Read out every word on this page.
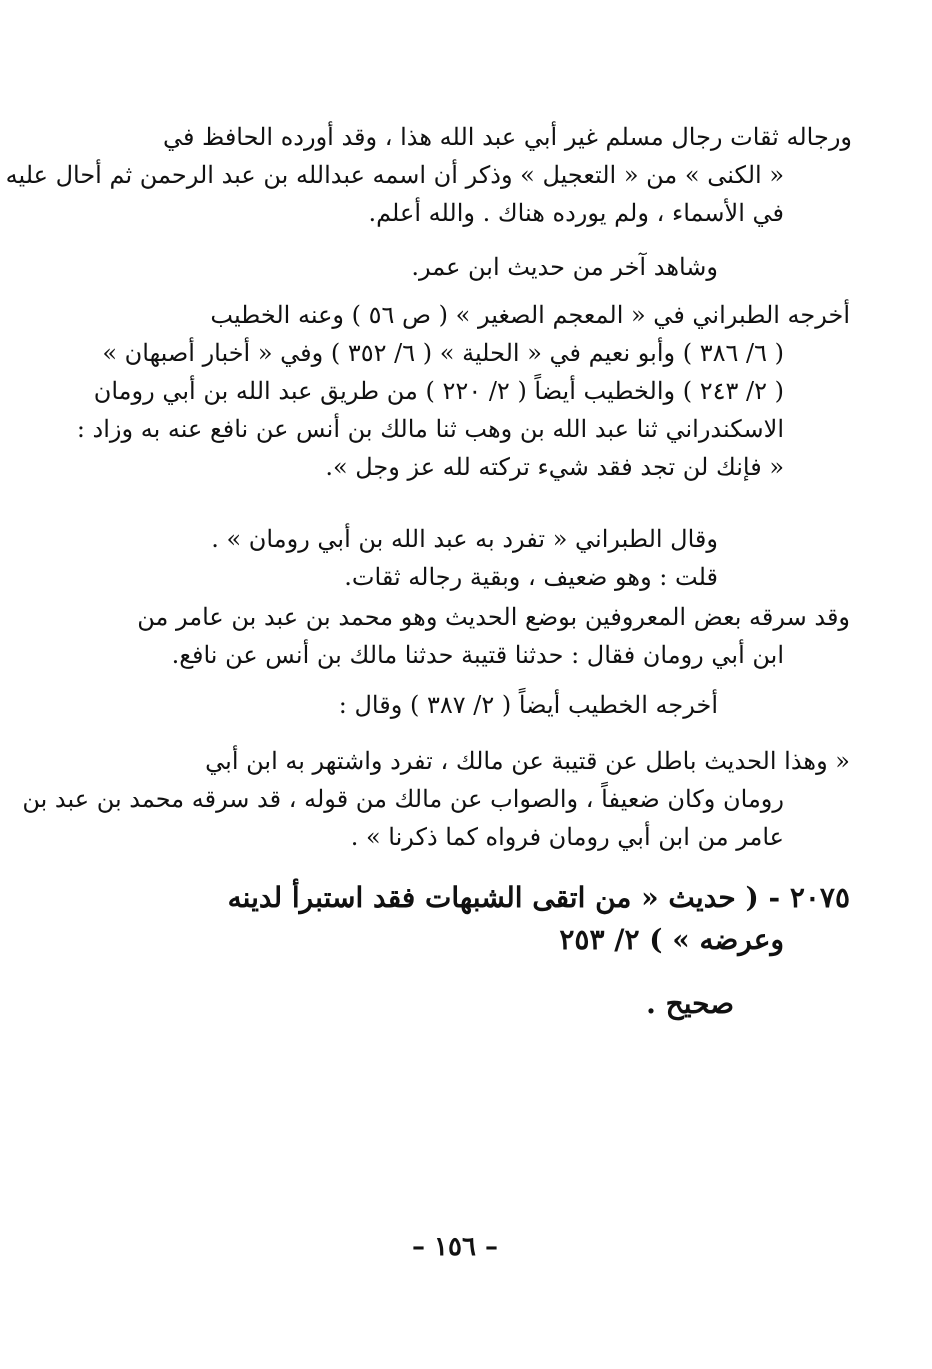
ورجاله ثقات رجال مسلم غير أبي عبد الله هذا ، وقد أورده الحافظ في
« الكنى » من « التعجيل » وذكر أن اسمه عبدالله بن عبد الرحمن ثم أحال عليه
في الأسماء ، ولم يورده هناك . والله أعلم.
وشاهد آخر من حديث ابن عمر.
أخرجه الطبراني في « المعجم الصغير » ( ص ٥٦ ) وعنه الخطيب
( ٦/ ٣٨٦ ) وأبو نعيم في « الحلية » ( ٦/ ٣٥٢ ) وفي « أخبار أصبهان »
( ٢/ ٢٤٣ ) والخطيب أيضاً ( ٢/ ٢٢٠ ) من طريق عبد الله بن أبي رومان
الاسكندراني ثنا عبد الله بن وهب ثنا مالك بن أنس عن نافع عنه به وزاد :
« فإنك لن تجد فقد شيء تركته لله عز وجل ».
وقال الطبراني « تفرد به عبد الله بن أبي رومان » .
قلت : وهو ضعيف ، وبقية رجاله ثقات.
وقد سرقه بعض المعروفين بوضع الحديث وهو محمد بن عبد بن عامر من
ابن أبي رومان فقال : حدثنا قتيبة حدثنا مالك بن أنس عن نافع.
أخرجه الخطيب أيضاً ( ٢/ ٣٨٧ ) وقال :
« وهذا الحديث باطل عن قتيبة عن مالك ، تفرد واشتهر به ابن أبي
رومان وكان ضعيفاً ، والصواب عن مالك من قوله ، قد سرقه محمد بن عبد بن
عامر من ابن أبي رومان فرواه كما ذكرنا » .
٢٠٧٥ - ( حديث « من اتقى الشبهات فقد استبرأ لدينه
وعرضه » ) ٢/ ٢٥٣
صحيح .
– ١٥٦ –
